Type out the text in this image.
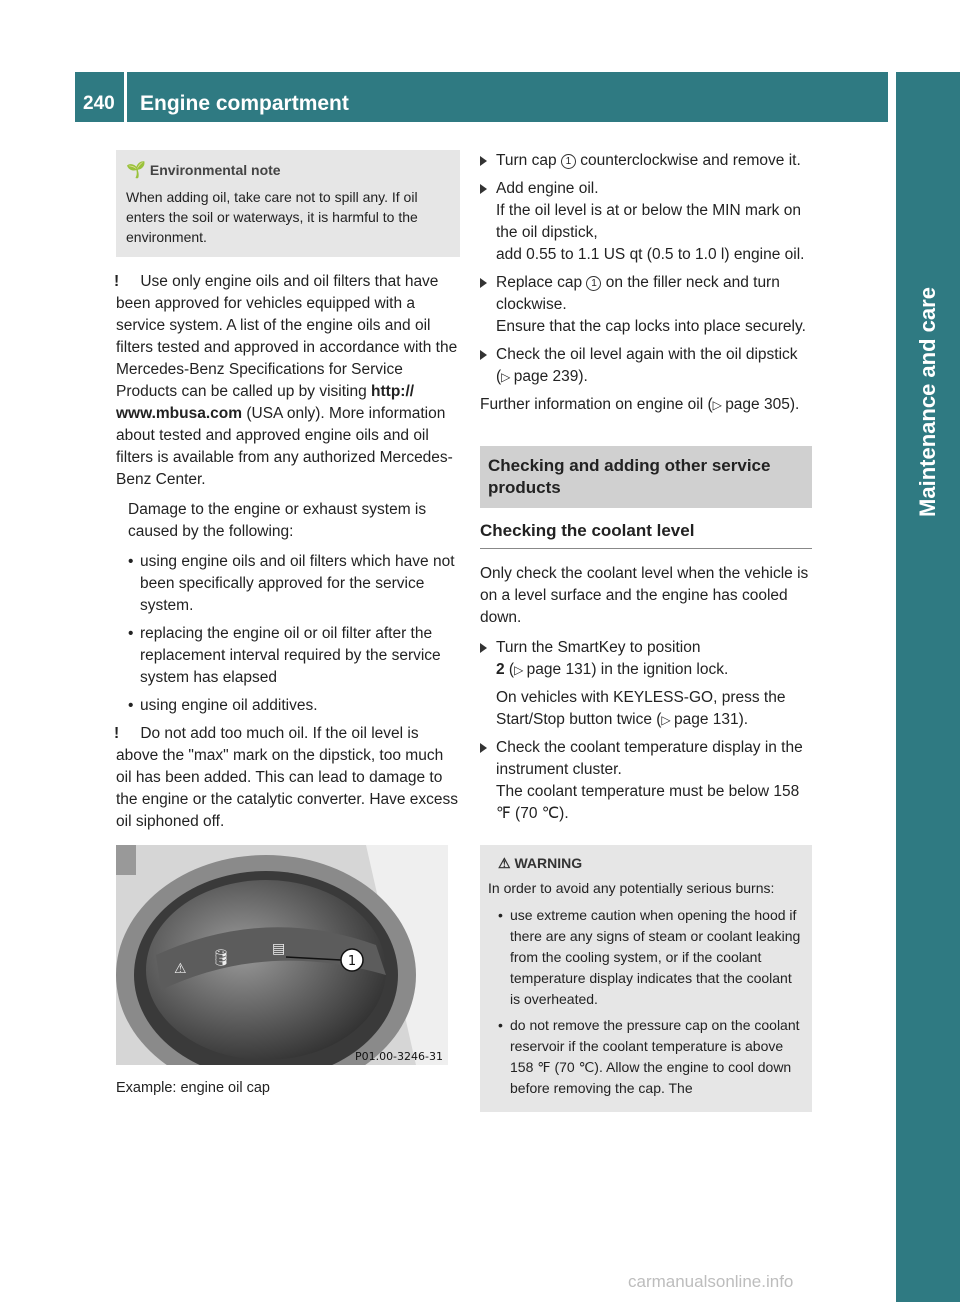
240	Engine compartment
Maintenance and care
🌱 Environmental note
When adding oil, take care not to spill any. If oil enters the soil or waterways, it is harmful to the environment.
! Use only engine oils and oil filters that have been approved for vehicles equipped with a service system. A list of the engine oils and oil filters tested and approved in accordance with the Mercedes-Benz Specifications for Service Products can be called up by visiting http:// www.mbusa.com (USA only). More information about tested and approved engine oils and oil filters is available from any authorized Mercedes-Benz Center.
Damage to the engine or exhaust system is caused by the following:
• using engine oils and oil filters which have not been specifically approved for the service system.
• replacing the engine oil or oil filter after the replacement interval required by the service system has elapsed
• using engine oil additives.
! Do not add too much oil. If the oil level is above the "max" mark on the dipstick, too much oil has been added. This can lead to damage to the engine or the catalytic converter. Have excess oil siphoned off.
⚠
🛢	▤
1
P01.00-3246-31
Example: engine oil cap
Turn cap 1 counterclockwise and remove it.
Add engine oil.
If the oil level is at or below the MIN mark on the oil dipstick,
add 0.55 to 1.1 US qt (0.5 to 1.0 l) engine oil.
Replace cap 1 on the filler neck and turn clockwise.
Ensure that the cap locks into place securely.
Check the oil level again with the oil dipstick (▷ page 239).
Further information on engine oil (▷ page 305).
Checking and adding other service products
Checking the coolant level
Only check the coolant level when the vehicle is on a level surface and the engine has cooled down.
Turn the SmartKey to position
2 (▷ page 131) in the ignition lock.
On vehicles with KEYLESS-GO, press the Start/Stop button twice (▷ page 131).
Check the coolant temperature display in the instrument cluster.
The coolant temperature must be below 158 ℉ (70 ℃).
⚠ WARNING
In order to avoid any potentially serious burns:
• use extreme caution when opening the hood if there are any signs of steam or coolant leaking from the cooling system, or if the coolant temperature display indicates that the coolant is overheated.
• do not remove the pressure cap on the coolant reservoir if the coolant temperature is above 158 ℉ (70 ℃). Allow the engine to cool down before removing the cap. The
carmanualsonline.info
